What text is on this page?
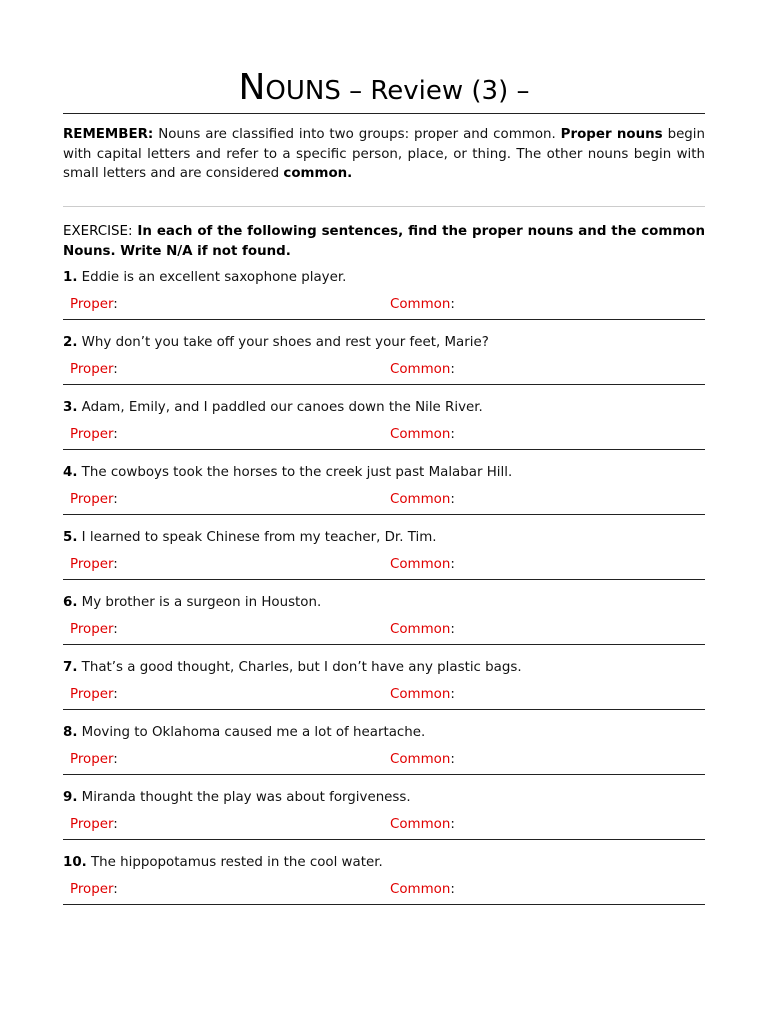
NOUNS – Review (3) –
REMEMBER: Nouns are classified into two groups: proper and common. Proper nouns begin with capital letters and refer to a specific person, place, or thing. The other nouns begin with small letters and are considered common.
EXERCISE: In each of the following sentences, find the proper nouns and the common Nouns. Write N/A if not found.
1. Eddie is an excellent saxophone player.
Proper:	Common:
2. Why don’t you take off your shoes and rest your feet, Marie?
Proper:	Common:
3. Adam, Emily, and I paddled our canoes down the Nile River.
Proper:	Common:
4. The cowboys took the horses to the creek just past Malabar Hill.
Proper:	Common:
5. I learned to speak Chinese from my teacher, Dr. Tim.
Proper:	Common:
6. My brother is a surgeon in Houston.
Proper:	Common:
7. That’s a good thought, Charles, but I don’t have any plastic bags.
Proper:	Common:
8. Moving to Oklahoma caused me a lot of heartache.
Proper:	Common:
9. Miranda thought the play was about forgiveness.
Proper:	Common:
10. The hippopotamus rested in the cool water.
Proper:	Common:
